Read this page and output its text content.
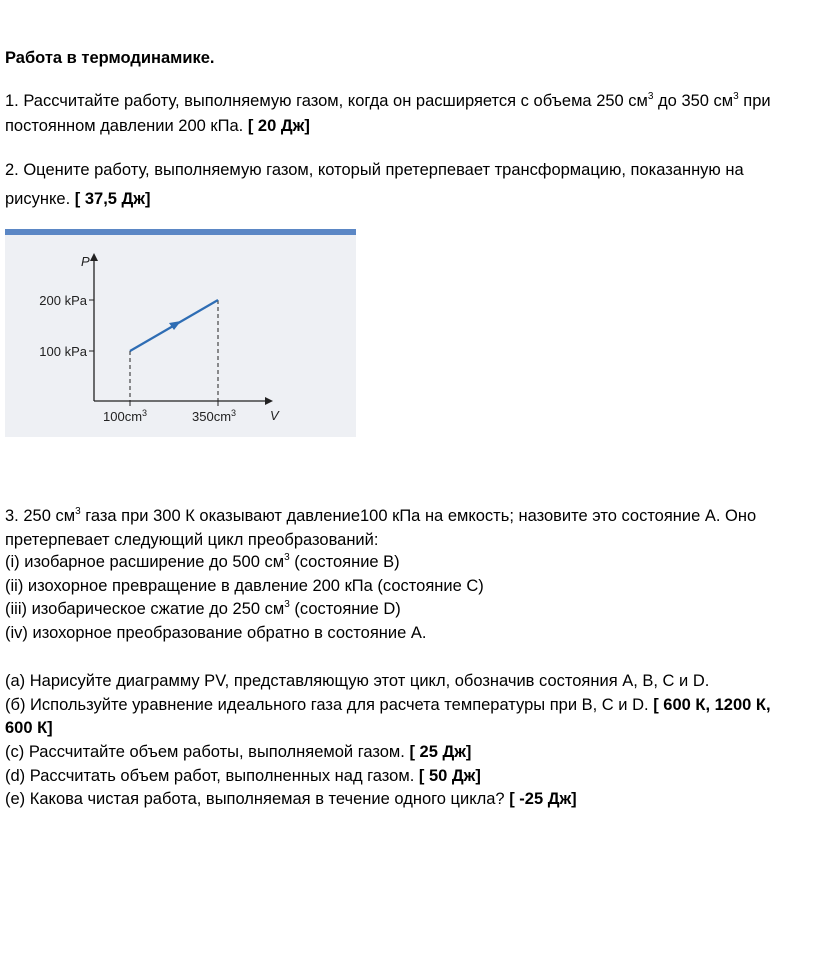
Работа в термодинамике.
1. Рассчитайте работу, выполняемую газом, когда он расширяется с объема 250 $см^3$ до 350 $см^3$ при
постоянном давлении 200 кПа. [ 20 Дж]
2. Оцените работу, выполняемую газом, который претерпевает трансформацию, показанную на
рисунке. [ 37,5 Дж]
P
V
200 kPa
100 kPa
$100cm^3$	$350cm^3$
3. 250 $см^3$ газа при 300 К оказывают давление100 кПа на емкость; назовите это состояние А. Оно
претерпевает следующий цикл преобразований:
(i) изобарное расширение до 500 $см^3$ (состояние B)
(ii) изохорное превращение в давление 200 кПа (состояние C)
(iii) изобарическое сжатие до 250 $см^3$ (состояние D)
(iv) изохорное преобразование обратно в состояние А.
(а) Нарисуйте диаграмму PV, представляющую этот цикл, обозначив состояния A, B, C и D.
(б) Используйте уравнение идеального газа для расчета температуры при B, C и D. [ 600 К, 1200 К,
600 К]
(c) Рассчитайте объем работы, выполняемой газом. [ 25 Дж]
(d) Рассчитать объем работ, выполненных над газом. [ 50 Дж]
(e) Какова чистая работа, выполняемая в течение одного цикла? [ -25 Дж]
